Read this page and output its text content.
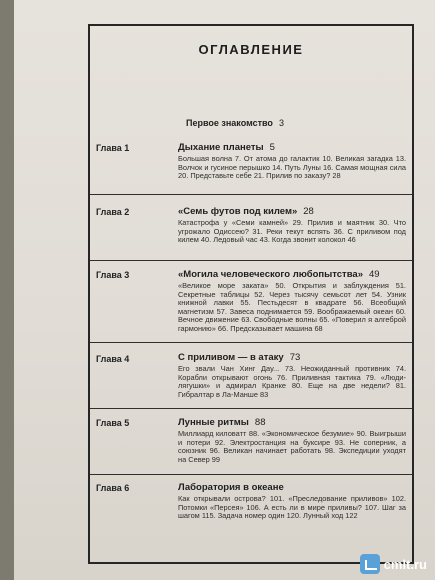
ОГЛАВЛЕНИЕ
Первое знакомство 3
Глава 1	Дыхание планеты 5
Большая волна 7. От атома до галактик 10. Великая загадка 13. Волчок и гусиное перышко 14. Путь Луны 16. Самая мощная сила 20. Представьте себе 21. Прилив по заказу? 28
Глава 2	«Семь футов под килем» 28
Катастрофа у «Семи камней» 29. Прилив и маятник 30. Что угрожало Одиссею? 31. Реки текут вспять 36. С приливом под килем 40. Ледовый час 43. Когда звонит колокол 46
Глава 3	«Могила человеческого любопытства» 49
«Великое море заката» 50. Открытия и заблуждения 51. Секретные таблицы 52. Через тысячу семьсот лет 54. Узник книжной лавки 55. Пестьдесят в квадрате 56. Всеобщий магнетизм 57. Завеса поднимается 59. Воображаемый океан 60. Вечное движение 63. Свободные волны 65. «Поверил я алгеброй гармонию» 66. Предсказывает машина 68
Глава 4	С приливом — в атаку 73
Его звали Чан Хинг Дау... 73. Неожиданный противник 74. Корабли открывают огонь 76. Приливная тактика 79. «Люди-лягушки» и адмирал Кранке 80. Еще на две недели? 81. Гибралтар в Ла-Манше 83
Глава 5	Лунные ритмы 88
Миллиард киловатт 88. «Экономическое безумие» 90. Выигрыши и потери 92. Электростанция на буксире 93. Не соперник, а союзник 96. Великан начинает работать 98. Экспедиции уходят на Север 99
Глава 6	Лаборатория в океане
Как открывали острова? 101. «Преследование приливов» 102. Потомки «Персея» 106. А есть ли в мире приливы? 107. Шаг за шагом 115. Задача номер один 120. Лунный ход 122
cmlt.ru
